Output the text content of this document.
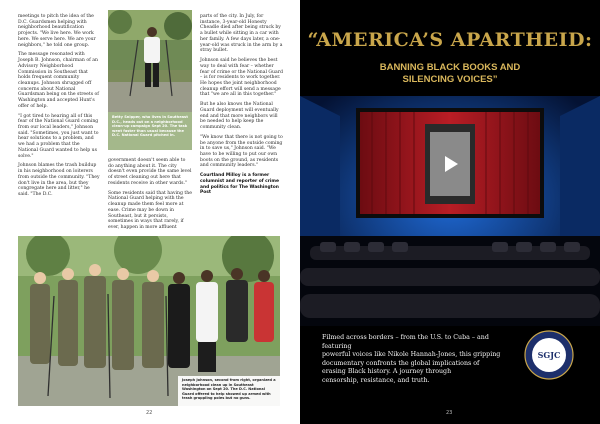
meetings to pitch the idea of the D.C. Guardsmen helping with neighborhood beautification projects. "We live here. We work here. We serve here. We are your neighbors," he told one group.

The message resonated with Joseph B. Johnson, chairman of an Advisory Neighborhood Commission in Southeast that holds frequent community cleanups. Johnson shrugged off concerns about National Guardsman being on the streets of Washington and accepted Hunt's offer of help.

"I got tired to hearing all of this fear of the National Guard coming from our local leaders," Johnson said. "Sometimes, you just want to hear solutions to a problem, and we had a problem that the National Guard wanted to help us solve."

Johnson blames the trash buildup in his neighborhood on loiterers from outside the community. "They don't live in the area, but they congregate here and litter," he said. "The D.C.

Betty Snipper, who lives in Southeast D.C., heads out on a neighborhood clean-up campaign Sept 20. The task went faster than usual because the D.C. National Guard pitched in.

government doesn't seem able to do anything about it. The city doesn't even provide the same level of street cleaning out here that residents receive in other wards."

Some residents said that having the National Guard helping with the cleanup made them feel more at ease. Crime may be down in Southeast, but it persists, sometimes in ways that rarely, if ever, happen in more affluent

parts of the city. In July, for instance, 3-year-old Honesty Cheadle died after being struck by a bullet while sitting in a car with her family. A few days later, a one-year-old was struck in the arm by a stray bullet.

Johnson said he believes the best way to deal with fear – whether fear of crime or the National Guard – is for residents to work together. He hopes the joint neighborhood cleanup effort will send a message that "we are all in this together."

But he also knows the National Guard deployment will eventually end and that more neighbors will be needed to help keep the community clean.

"We know that there is not going to be anyone from the outside coming in to save us," Johnson said. "We have to be willing to put our own boots on the ground, as residents and community leaders."

Courtland Milloy is a former columnist and reporter of crime and politics for The Washington Post

Joseph Johnson, second from right, organized a neighborhood clean up in Southeast Washington on Sept 20. The D.C. National Guard offered to help showed up armed with trash grappling poles but no guns.
22
“AMERICA’S APARTHEID:
BANNING BLACK BOOKS AND
SILENCING VOICES”
Filmed across borders – from the U.S. to Cuba – and featuring
powerful voices like Nikole Hannah-Jones, this gripping
documentary confronts the global implications of
erasing Black history. A journey through
censorship, resistance, and truth.
SGJC
23
